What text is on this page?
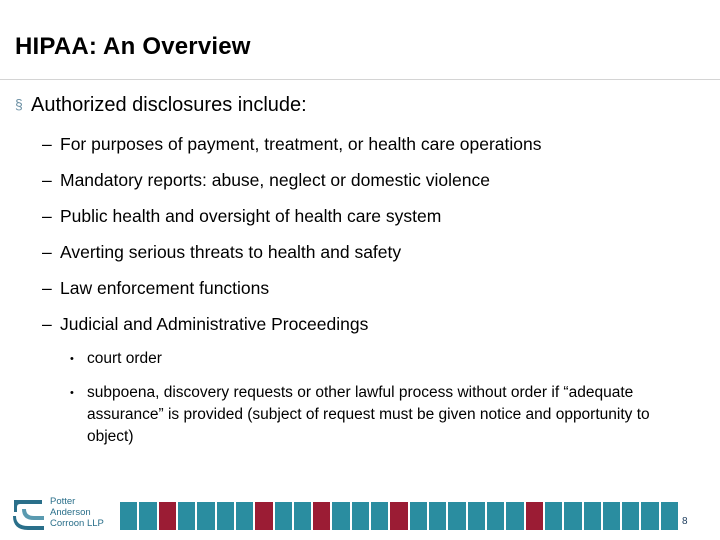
HIPAA: An Overview
§ Authorized disclosures include:
– For purposes of payment, treatment, or health care operations
– Mandatory reports: abuse, neglect or domestic violence
– Public health and oversight of health care system
– Averting serious threats to health and safety
– Law enforcement functions
– Judicial and Administrative Proceedings
• court order
• subpoena, discovery requests or other lawful process without order if “adequate assurance” is provided (subject of request must be given notice and opportunity to object)
Potter
Anderson
Corroon LLP	8
